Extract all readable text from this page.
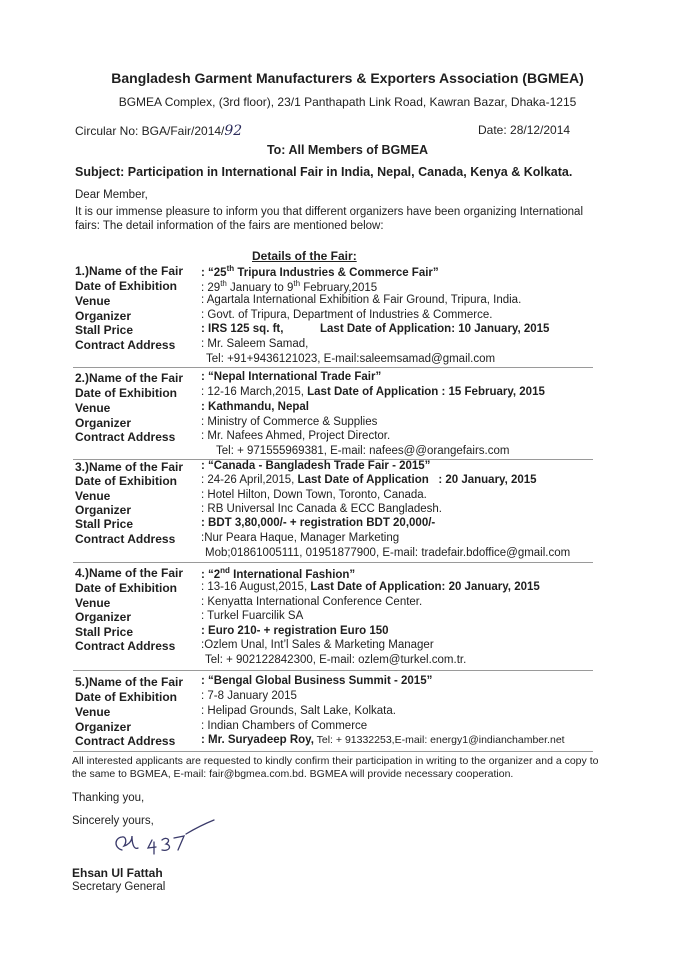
Bangladesh Garment Manufacturers & Exporters Association (BGMEA)
BGMEA Complex, (3rd floor), 23/1 Panthapath Link Road, Kawran Bazar, Dhaka-1215
Circular No: BGA/Fair/2014/92	Date: 28/12/2014
To: All Members of BGMEA
Subject: Participation in International Fair in India, Nepal, Canada, Kenya & Kolkata.
Dear Member,
It is our immense pleasure to inform you that different organizers have been organizing International
fairs: The detail information of the fairs are mentioned below:
Details of the Fair:
1.)Name of the Fair : “25th Tripura Industries & Commerce Fair”
Date of Exhibition : 29th January to 9th February,2015
Venue	: Agartala International Exhibition & Fair Ground, Tripura, India.
Organizer	: Govt. of Tripura, Department of Industries & Commerce.
Stall Price	: IRS 125 sq. ft,	Last Date of Application: 10 January, 2015
Contract Address : Mr. Saleem Samad,
Tel: +91+9436121023, E-mail:saleemsamad@gmail.com
2.)Name of the Fair : “Nepal International Trade Fair”
Date of Exhibition : 12-16 March,2015, Last Date of Application : 15 February, 2015
Venue	: Kathmandu, Nepal
Organizer	: Ministry of Commerce & Supplies
Contract Address : Mr. Nafees Ahmed, Project Director.
Tel: + 971555969381, E-mail: nafees@@orangefairs.com
3.)Name of the Fair : “Canada - Bangladesh Trade Fair - 2015”
Date of Exhibition : 24-26 April,2015, Last Date of Application   : 20 January, 2015
Venue	: Hotel Hilton, Down Town, Toronto, Canada.
Organizer	: RB Universal Inc Canada & ECC Bangladesh.
Stall Price	: BDT 3,80,000/- + registration BDT 20,000/-
Contract Address :Nur Peara Haque, Manager Marketing
Mob;01861005111, 01951877900, E-mail: tradefair.bdoffice@gmail.com
4.)Name of the Fair : “2nd International Fashion”
Date of Exhibition : 13-16 August,2015, Last Date of Application: 20 January, 2015
Venue	: Kenyatta International Conference Center.
Organizer	: Turkel Fuarcilik SA
Stall Price	: Euro 210- + registration Euro 150
Contract Address :Ozlem Unal, Int’l Sales & Marketing Manager
Tel: + 902122842300, E-mail: ozlem@turkel.com.tr.
5.)Name of the Fair : “Bengal Global Business Summit - 2015”
Date of Exhibition : 7-8 January 2015
Venue	: Helipad Grounds, Salt Lake, Kolkata.
Organizer	: Indian Chambers of Commerce
Contract Address : Mr. Suryadeep Roy, Tel: + 91332253,E-mail: energy1@indianchamber.net
All interested applicants are requested to kindly confirm their participation in writing to the organizer and a copy to
the same to BGMEA, E-mail: fair@bgmea.com.bd. BGMEA will provide necessary cooperation.
Thanking you,
Sincerely yours,
Ehsan Ul Fattah
Secretary General
